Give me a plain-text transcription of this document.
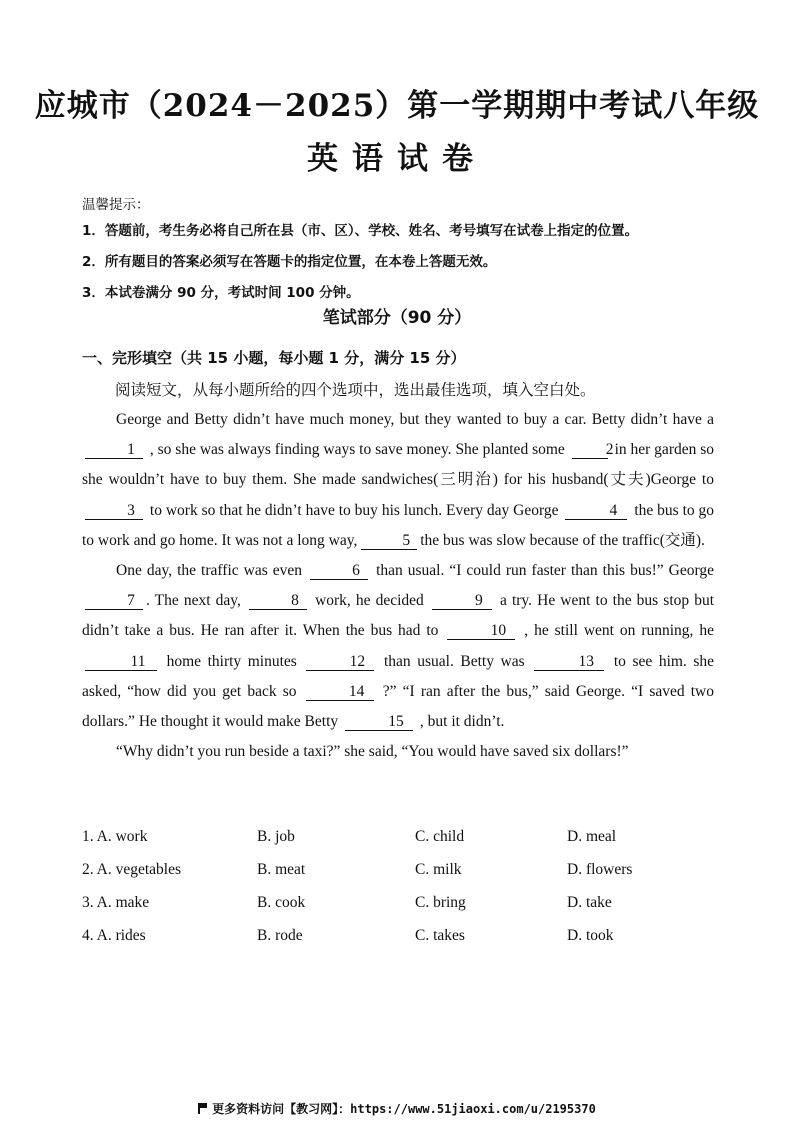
应城市（2024－2025）第一学期期中考试八年级
英语试卷
温馨提示：
1．答题前，考生务必将自己所在县（市、区）、学校、姓名、考号填写在试卷上指定的位置。
2．所有题目的答案必须写在答题卡的指定位置，在本卷上答题无效。
3．本试卷满分 90 分，考试时间 100 分钟。
笔试部分（90 分）
一、完形填空（共 15 小题，每小题 1 分，满分 15 分）
阅读短文，从每小题所给的四个选项中，选出最佳选项，填入空白处。

George and Betty didn’t have much money, but they wanted to buy a car. Betty didn’t have a 1 , so she was always finding ways to save money. She planted some	2 in her garden so she wouldn’t have to buy them. She made sandwiches(三明治) for his husband(丈夫)George to 3 to work so that he didn’t have to buy his lunch. Every day George	4 the bus to go to work and go home. It was not a long way,	5 the bus was slow because of the traffic(交通).

One day, the traffic was even	6 than usual. “I could run faster than this bus!” George 7 . The next day,	8 work, he decided	9 a try. He went to the bus stop but didn’t take a bus. He ran after it. When the bus had to	10 , he still went on running, he 11 home thirty minutes	12 than usual. Betty was	13 to see him. she asked, “how did you get back so	14 ?” “I ran after the bus,” said George. “I saved two dollars.” He thought it would make Betty	15 , but it didn’t.

“Why didn’t you run beside a taxi?” she said, “You would have saved six dollars!”

1. A. work	B. job	C. child	D. meal
2. A. vegetables	B. meat	C. milk	D. flowers
3. A. make	B. cook	C. bring	D. take
4. A. rides	B. rode	C. takes	D. took
更多资料访问【教习网】：https://www.51jiaoxi.com/u/2195370
